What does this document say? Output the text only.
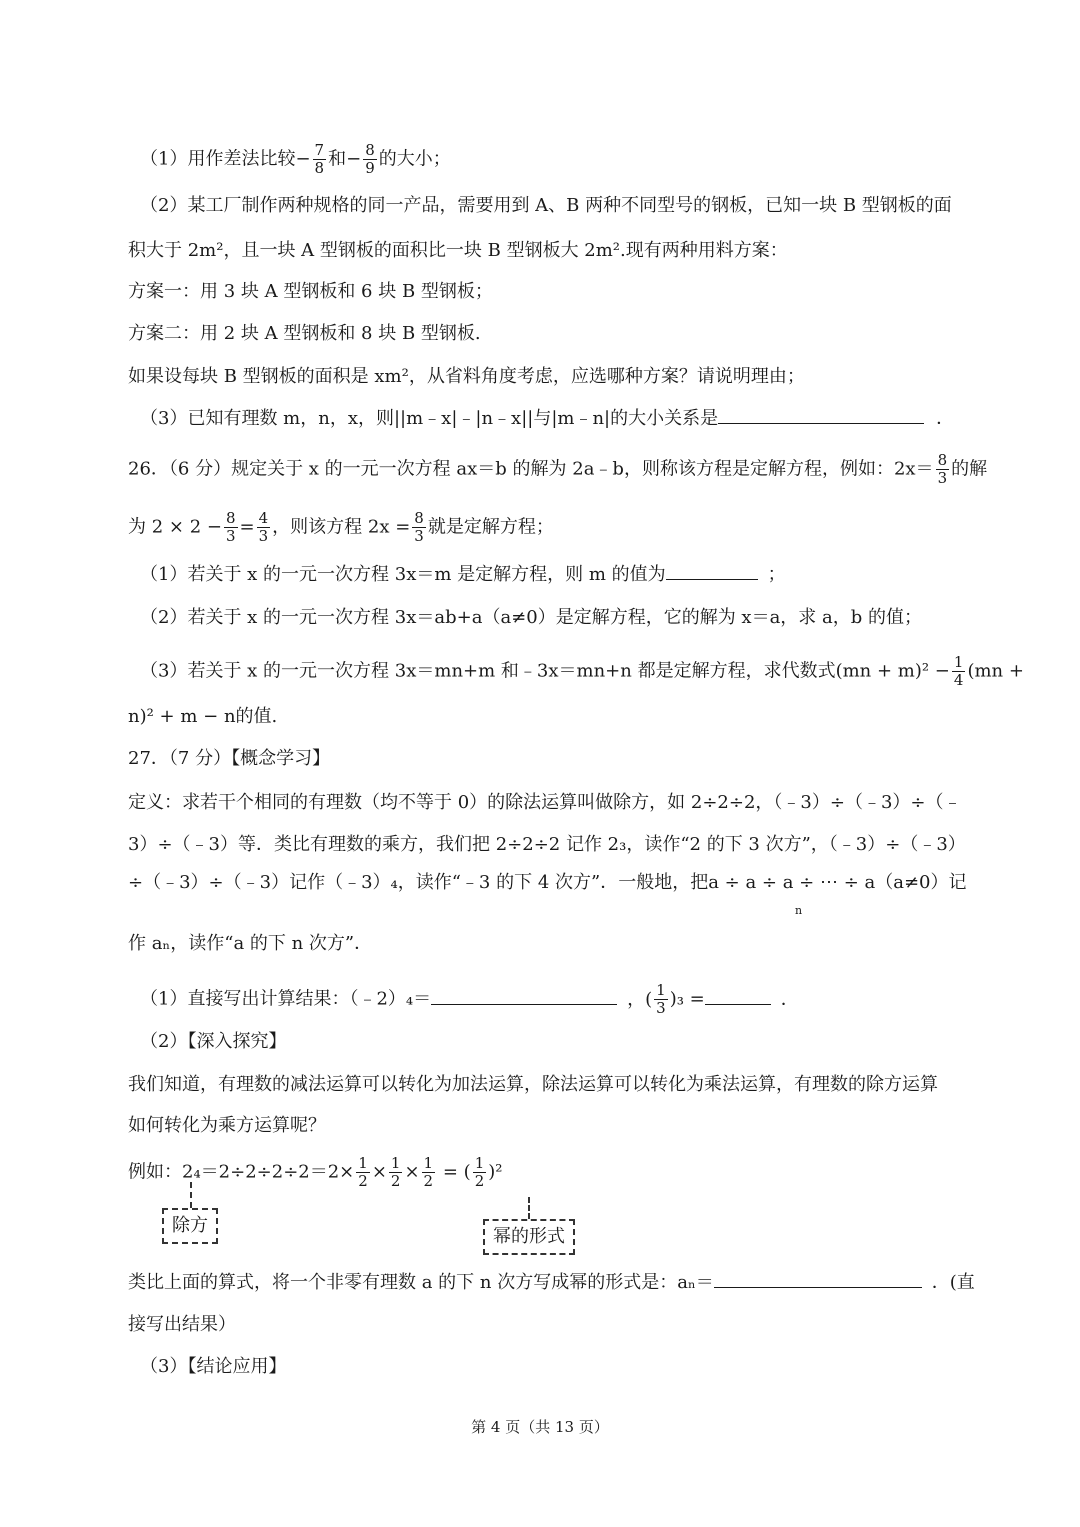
（1）用作差法比较− $\frac{7}{8}$ 和− $\frac{8}{9}$ 的大小；
（2）某工厂制作两种规格的同一产品，需要用到 A、B 两种不同型号的钢板，已知一块 B 型钢板的面
积大于 2m²，且一块 A 型钢板的面积比一块 B 型钢板大 2m².现有两种用料方案：
方案一：用 3 块 A 型钢板和 6 块 B 型钢板；
方案二：用 2 块 A 型钢板和 8 块 B 型钢板.
如果设每块 B 型钢板的面积是 xm²，从省料角度考虑，应选哪种方案？请说明理由；
（3）已知有理数 m，n，x，则||m﹣x|﹣|n﹣x||与|m﹣n|的大小关系是	．
26．（6 分）规定关于 x 的一元一次方程 ax＝b 的解为 2a﹣b，则称该方程是定解方程，例如：$2x= \frac{8}{3}$ 的解
为 $2 \times 2 - \frac{8}{3} = \frac{4}{3}$ ，则该方程 $2x = \frac{8}{3}$ 就是定解方程；
（1）若关于 x 的一元一次方程 3x＝m 是定解方程，则 m 的值为	；
（2）若关于 x 的一元一次方程 3x＝ab+a（a≠0）是定解方程，它的解为 x＝a，求 a，b 的值；
（3）若关于 x 的一元一次方程 3x＝mn+m 和﹣3x＝mn+n 都是定解方程，求代数式$(mn + m)^2 - \frac{1}{4} (mn$ +
n)² + m − n的值.
27．（7 分）【概念学习】
定义：求若干个相同的有理数（均不等于 0）的除法运算叫做除方，如 2÷2÷2，（﹣3）÷（﹣3）÷（﹣
3）÷（﹣3）等．类比有理数的乘方，我们把 2÷2÷2 记作 2₃，读作“2 的下 3 次方”，（﹣3）÷（﹣3）
÷（﹣3）÷（﹣3）记作（﹣3）₄，读作“﹣3 的下 4 次方”．一般地，把a ÷ a ÷ a ÷ ⋯ ÷ a（a≠0）记
n
作 aₙ，读作“a 的下 n 次方”．
（1）直接写出计算结果：（﹣2）₄＝	，( $\frac{1}{3} )_3$ =	．
（2）【深入探究】
我们知道，有理数的减法运算可以转化为加法运算，除法运算可以转化为乘法运算，有理数的除方运算
如何转化为乘方运算呢？
例如：$2_4=2\div 2\div 2\div 2=2\times \frac{1}{2} \times \frac{1}{2} \times \frac{1}{2}$ = ( $\frac{1}{2} )^2$
除方
幂的形式
类比上面的算式，将一个非零有理数 a 的下 n 次方写成幂的形式是：aₙ＝	．(直
接写出结果）
（3）【结论应用】
第 4 页（共 13 页）
